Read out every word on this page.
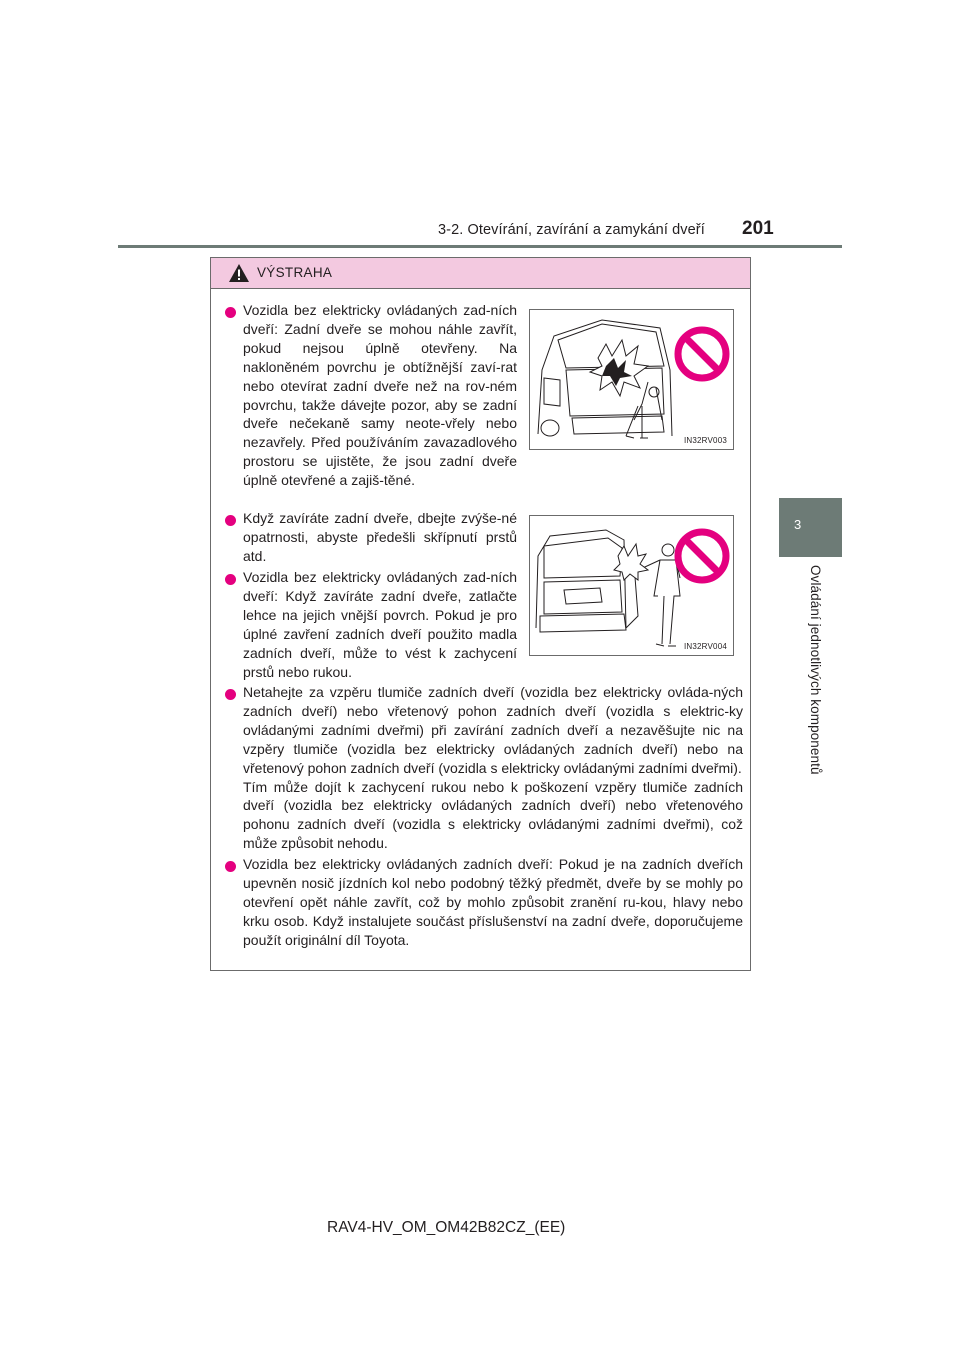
3-2. Otevírání, zavírání a zamykání dveří 201
3
Ovládání jednotlivých komponentů
VÝSTRAHA
Vozidla bez elektricky ovládaných zad-ních dveří: Zadní dveře se mohou náhle zavřít, pokud nejsou úplně otevřeny. Na nakloněném povrchu je obtížnější zaví-rat nebo otevírat zadní dveře než na rov-ném povrchu, takže dávejte pozor, aby se zadní dveře nečekaně samy neote-vřely nebo nezavřely. Před používáním zavazadlového prostoru se ujistěte, že jsou zadní dveře úplně otevřené a zajiš-těné.
IN32RV003
Když zavíráte zadní dveře, dbejte zvýše-né opatrnosti, abyste předešli skřípnutí prstů atd.
Vozidla bez elektricky ovládaných zad-ních dveří: Když zavíráte zadní dveře, zatlačte lehce na jejich vnější povrch. Pokud je pro úplné zavření zadních dveří použito madla zadních dveří, může to vést k zachycení prstů nebo rukou.
IN32RV004
Netahejte za vzpěru tlumiče zadních dveří (vozidla bez elektricky ovláda-ných zadních dveří) nebo vřetenový pohon zadních dveří (vozidla s elektric-ky ovládanými zadními dveřmi) při zavírání zadních dveří a nezavěšujte nic na vzpěry tlumiče (vozidla bez elektricky ovládaných zadních dveří) nebo na vřetenový pohon zadních dveří (vozidla s elektricky ovládanými zadními dveřmi).
Tím může dojít k zachycení rukou nebo k poškození vzpěry tlumiče zadních dveří (vozidla bez elektricky ovládaných zadních dveří) nebo vřetenového pohonu zadních dveří (vozidla s elektricky ovládanými zadními dveřmi), což může způsobit nehodu.
Vozidla bez elektricky ovládaných zadních dveří: Pokud je na zadních dveřích upevněn nosič jízdních kol nebo podobný těžký předmět, dveře by se mohly po otevření opět náhle zavřít, což by mohlo způsobit zranění ru-kou, hlavy nebo krku osob. Když instalujete součást příslušenství na zadní dveře, doporučujeme použít originální díl Toyota.
RAV4-HV_OM_OM42B82CZ_(EE)
